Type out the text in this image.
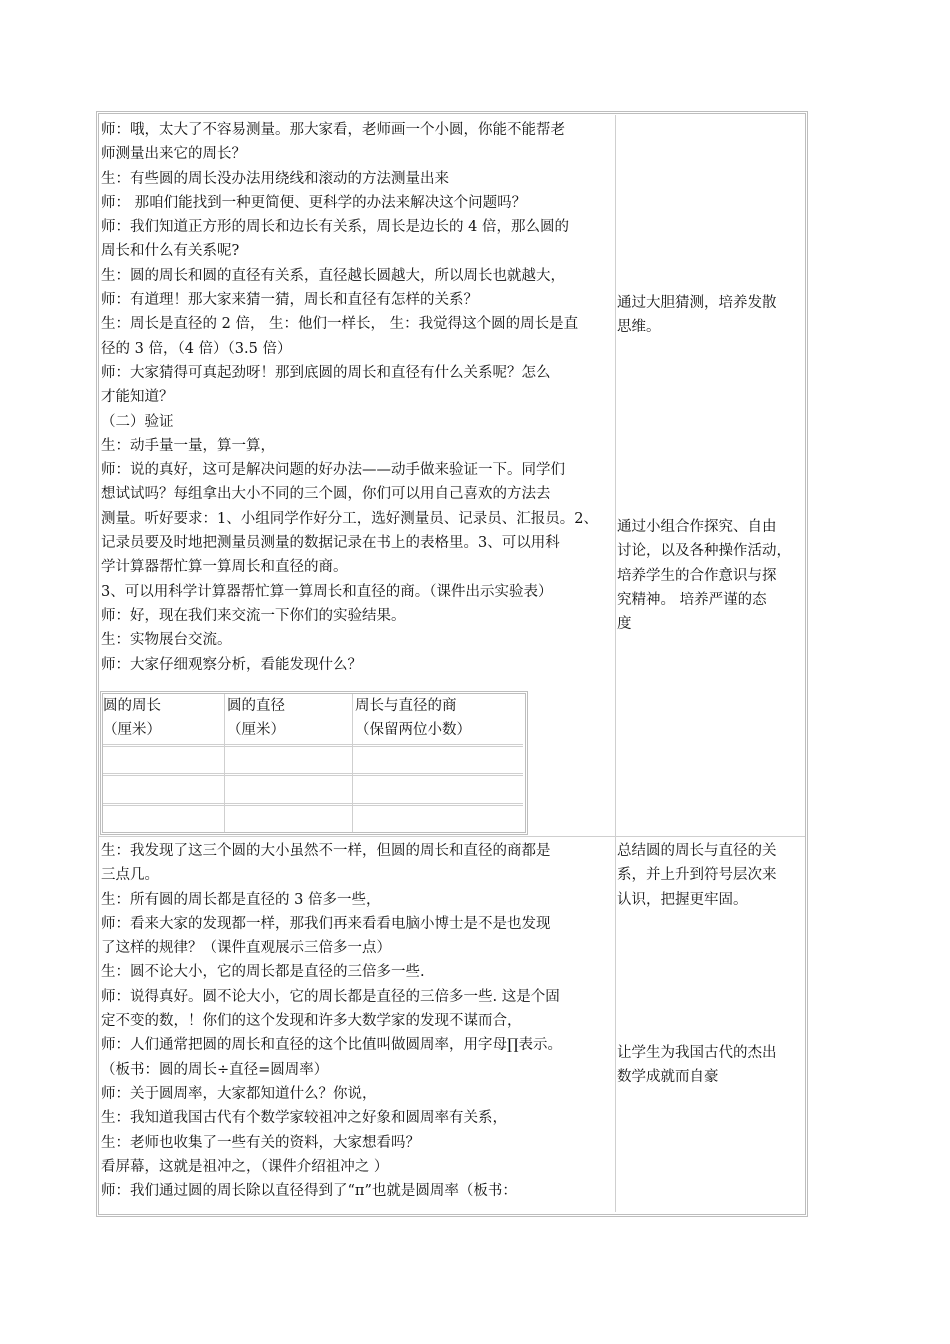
师：哦，太大了不容易测量。那大家看，老师画一个小圆，你能不能帮老
师测量出来它的周长？
生：有些圆的周长没办法用绕线和滚动的方法测量出来
师： 那咱们能找到一种更简便、更科学的办法来解决这个问题吗？
师：我们知道正方形的周长和边长有关系，周长是边长的 4 倍，那么圆的
周长和什么有关系呢?
生：圆的周长和圆的直径有关系，直径越长圆越大，所以周长也就越大，
师：有道理！那大家来猜一猜，周长和直径有怎样的关系？
生：周长是直径的 2 倍， 生：他们一样长， 生：我觉得这个圆的周长是直
径的 3 倍，（4 倍）（3.5 倍）
师：大家猜得可真起劲呀！那到底圆的周长和直径有什么关系呢？怎么
才能知道？
（二）验证
生：动手量一量，算一算，
师：说的真好，这可是解决问题的好办法——动手做来验证一下。同学们
想试试吗？每组拿出大小不同的三个圆，你们可以用自己喜欢的方法去
测量。听好要求：1、小组同学作好分工，选好测量员、记录员、汇报员。2、
记录员要及时地把测量员测量的数据记录在书上的表格里。3、可以用科
学计算器帮忙算一算周长和直径的商。
3、可以用科学计算器帮忙算一算周长和直径的商。（课件出示实验表）
师：好，现在我们来交流一下你们的实验结果。
生：实物展台交流。
师：大家仔细观察分析，看能发现什么？
通过大胆猜测，培养发散
思维。
通过小组合作探究、自由
讨论，以及各种操作活动，
培养学生的合作意识与探
究精神。 培养严谨的态
度
圆的周长
（厘米）
圆的直径
（厘米）
周长与直径的商
（保留两位小数）
生：我发现了这三个圆的大小虽然不一样，但圆的周长和直径的商都是
三点几。
生：所有圆的周长都是直径的 3 倍多一些，
师：看来大家的发现都一样，那我们再来看看电脑小博士是不是也发现
了这样的规律？（课件直观展示三倍多一点）
生：圆不论大小，它的周长都是直径的三倍多一些.
师：说得真好。圆不论大小，它的周长都是直径的三倍多一些. 这是个固
定不变的数，！你们的这个发现和许多大数学家的发现不谋而合，
师：人们通常把圆的周长和直径的这个比值叫做圆周率，用字母∏表示。
（板书：圆的周长÷直径=圆周率）
师：关于圆周率，大家都知道什么？你说，
生：我知道我国古代有个数学家较祖冲之好象和圆周率有关系，
生：老师也收集了一些有关的资料，大家想看吗？
看屏幕，这就是祖冲之，（课件介绍祖冲之 ）
师：我们通过圆的周长除以直径得到了“π”也就是圆周率（板书：
总结圆的周长与直径的关
系，并上升到符号层次来
认识，把握更牢固。
让学生为我国古代的杰出
数学成就而自豪
